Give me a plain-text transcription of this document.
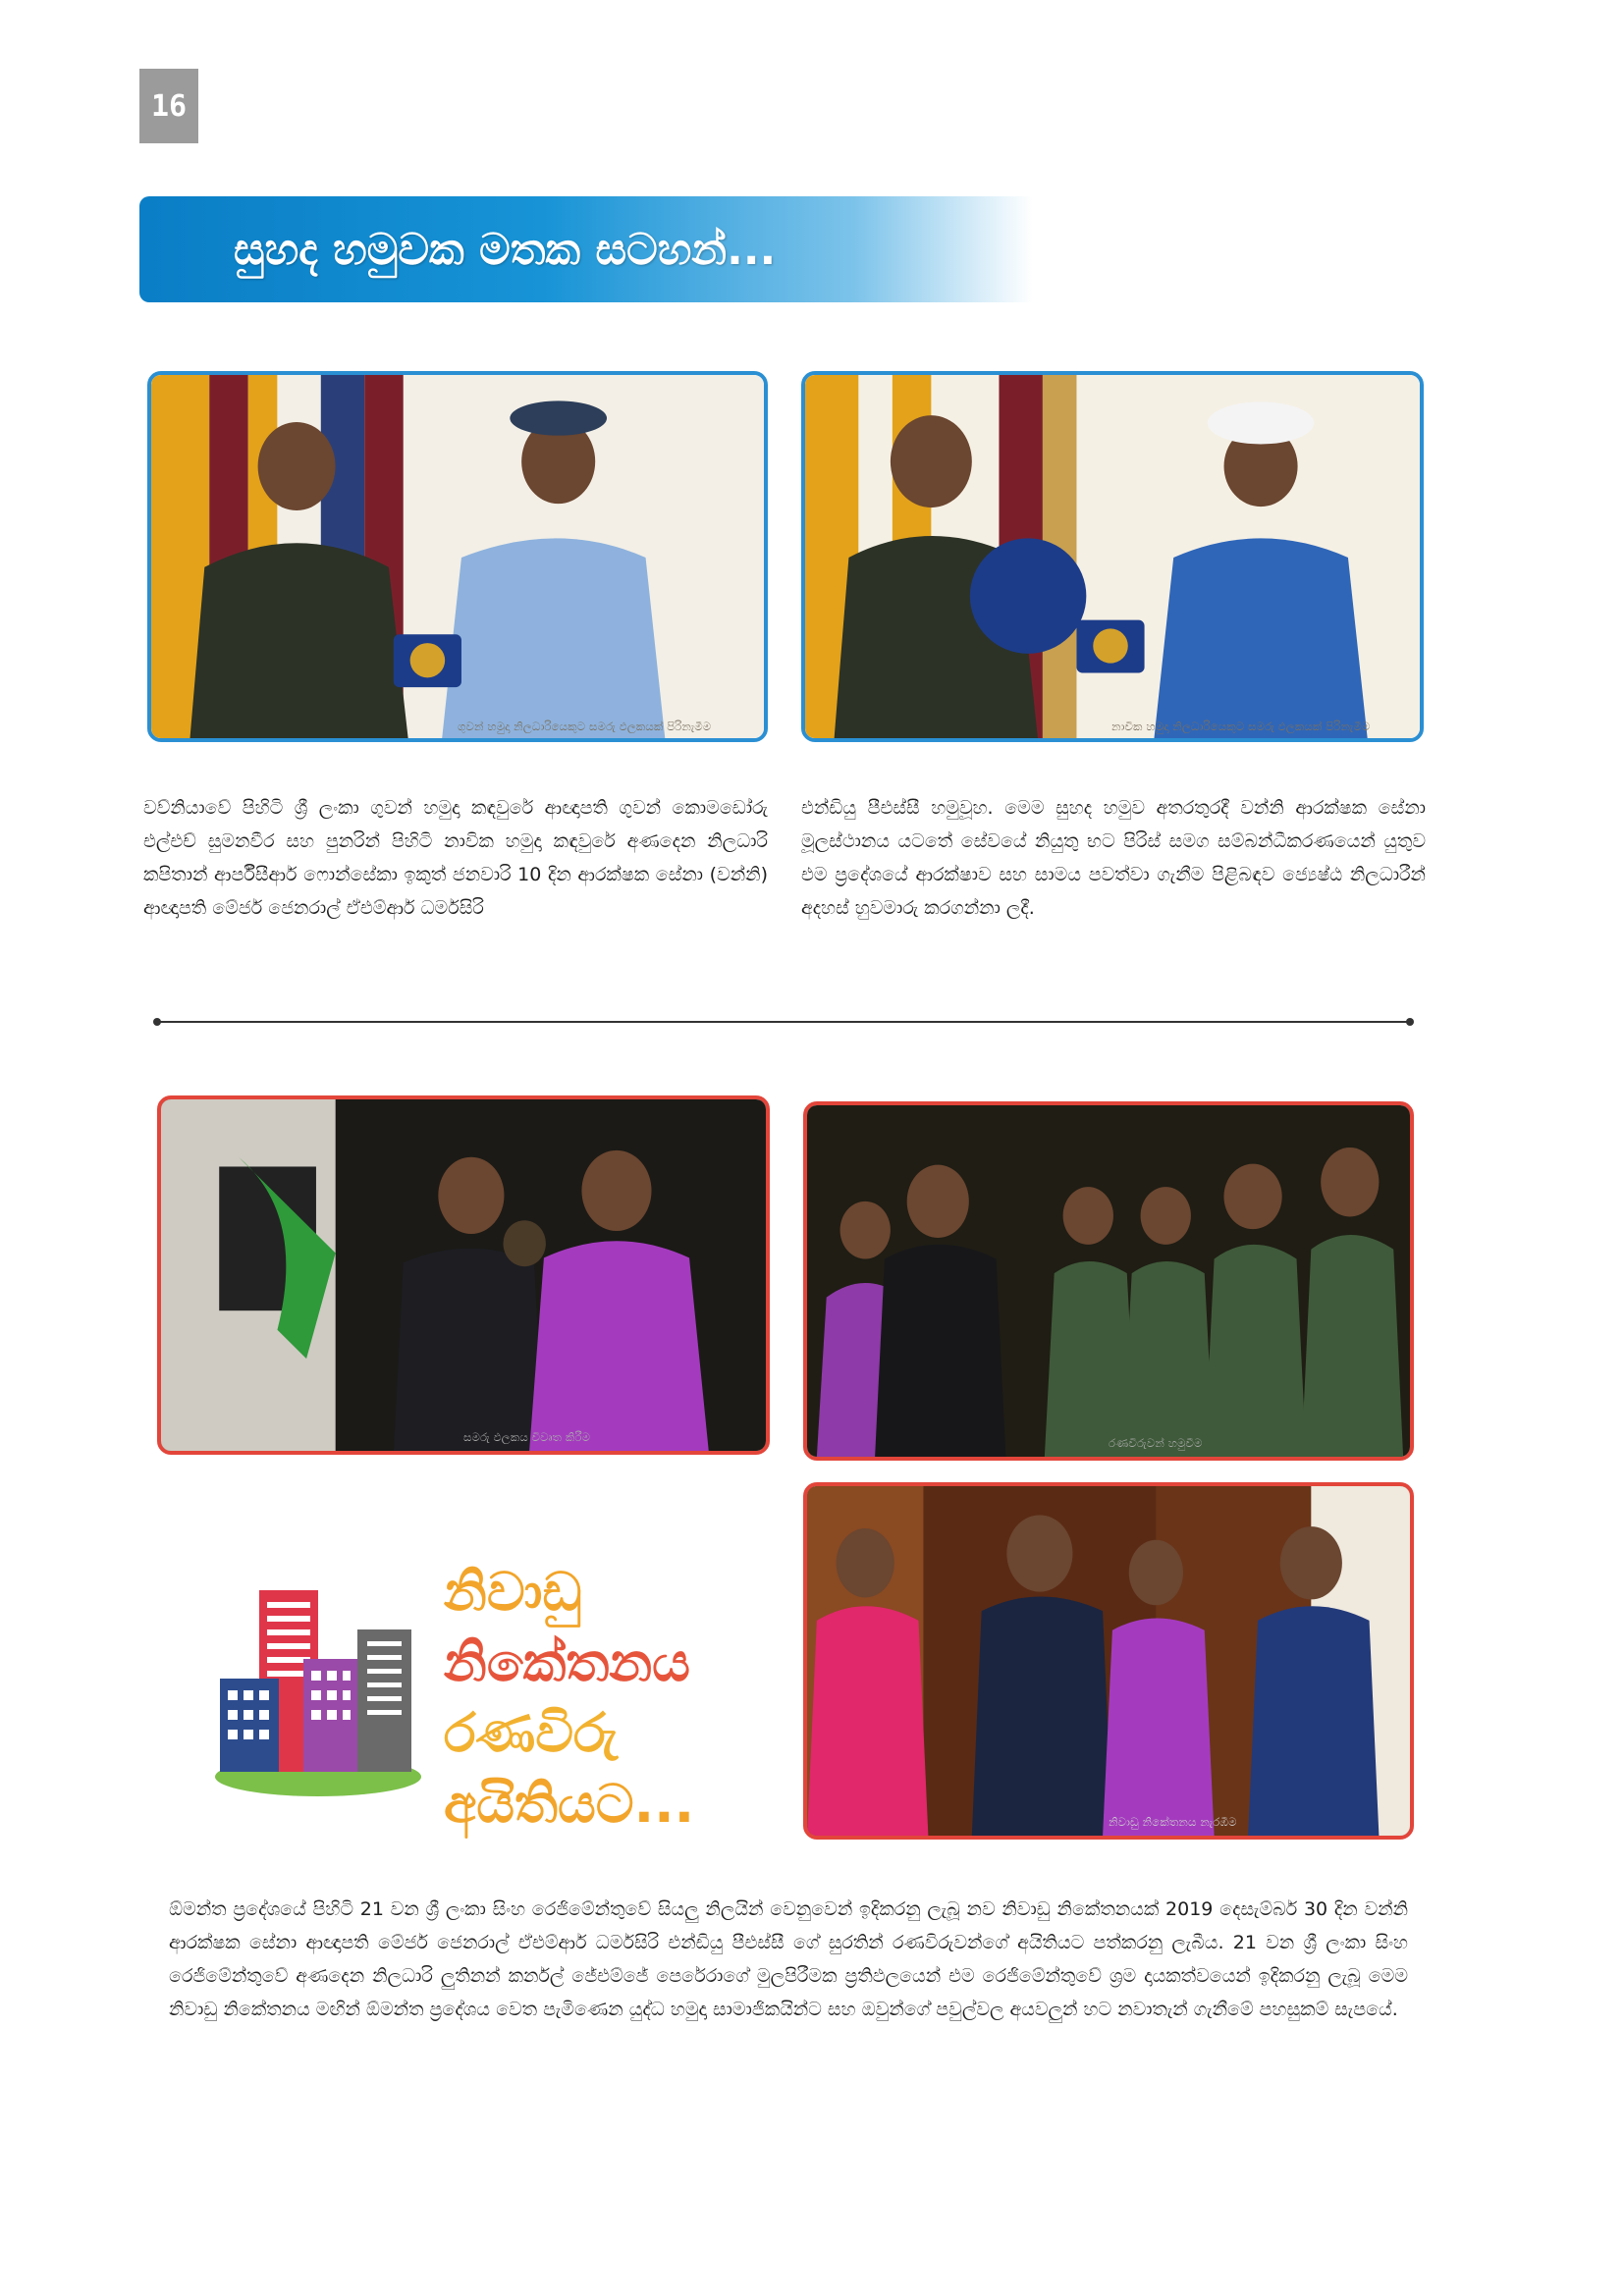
16
සුහද හමුවක මතක සටහන්...
ගුවන් හමුදා නිලධාරියෙකුට සමරු ඵලකයක් පිරිනැමීම	නාවික හමුදා නිලධාරියෙකුට සමරු ඵලකයක් පිරිනැමීම
වව්නියාවේ පිහිටි ශ්‍රී ලංකා ගුවන් හමුදා කඳවුරේ ආඥාපති ගුවන් කොමඩෝරු එල්එච් සුමනවීර සහ පුනරින් පිහිටි නාවික හමුදා කඳවුරේ අණදෙන නිලධාරි කපිතාන් ආර්පීසීආර් ෆොන්සේකා ඉකුත් ජනවාරි 10 දින ආරක්ෂක සේනා (වන්නි) ආඥාපති මේජර් ජෙනරාල් ඒඑම්ආර් ධර්මසිරි
එන්ඩියු පීඑස්සී හමුවූහ. මෙම සුහද හමුව අතරතුරදී වන්නි ආරක්ෂක සේනා මූලස්ථානය යටතේ සේවයේ නියුතු භට පිරිස් සමග සම්බන්ධීකරණයෙන් යුතුව එම ප්‍රදේශයේ ආරක්ෂාව සහ සාමය පවත්වා ගැනීම පිළිබඳව ජ්‍යෙෂ්ඨ නිලධාරීන් අදහස් හුවමාරු කරගන්නා ලදී.
සමරු ඵලකය විවෘත කිරීම	රණවිරුවන් හමුවීම
නිවාඩු නිකේතනය නැරඹීම
නිවාඩු
නිකේතනය
රණවිරු
අයිතියට...
ඕමන්ත ප්‍රදේශයේ පිහිටි 21 වන ශ්‍රී ලංකා සිංහ රෙජිමේන්තුවේ සියලු නිලයින් වෙනුවෙන් ඉදිකරනු ලැබූ නව නිවාඩු නිකේතනයක් 2019 දෙසැම්බර් 30 දින වන්නි ආරක්ෂක සේනා ආඥාපති මේජර් ජෙනරාල් ඒඑම්ආර් ධර්මසිරි එන්ඩියු පීඑස්සී ගේ සුරතින් රණවිරුවන්ගේ අයිතියට පත්කරනු ලැබීය. 21 වන ශ්‍රී ලංකා සිංහ රෙජිමේන්තුවේ අණදෙන නිලධාරි ලුතිනන් කර්නල් ජේඑම්ජේ පෙරේරාගේ මුලපිරීමක ප්‍රතිඵලයෙන් එම රෙජිමේන්තුවේ ශ්‍රම දායකත්වයෙන් ඉදිකරනු ලැබූ මෙම නිවාඩු නිකේතනය මඟින් ඕමන්ත ප්‍රදේශය වෙත පැමිණෙන යුද්ධ හමුදා සාමාජිකයින්ට සහ ඔවුන්ගේ පවුල්වල අයවලුන් හට නවාතැන් ගැනීමේ පහසුකම් සැපයේ.
